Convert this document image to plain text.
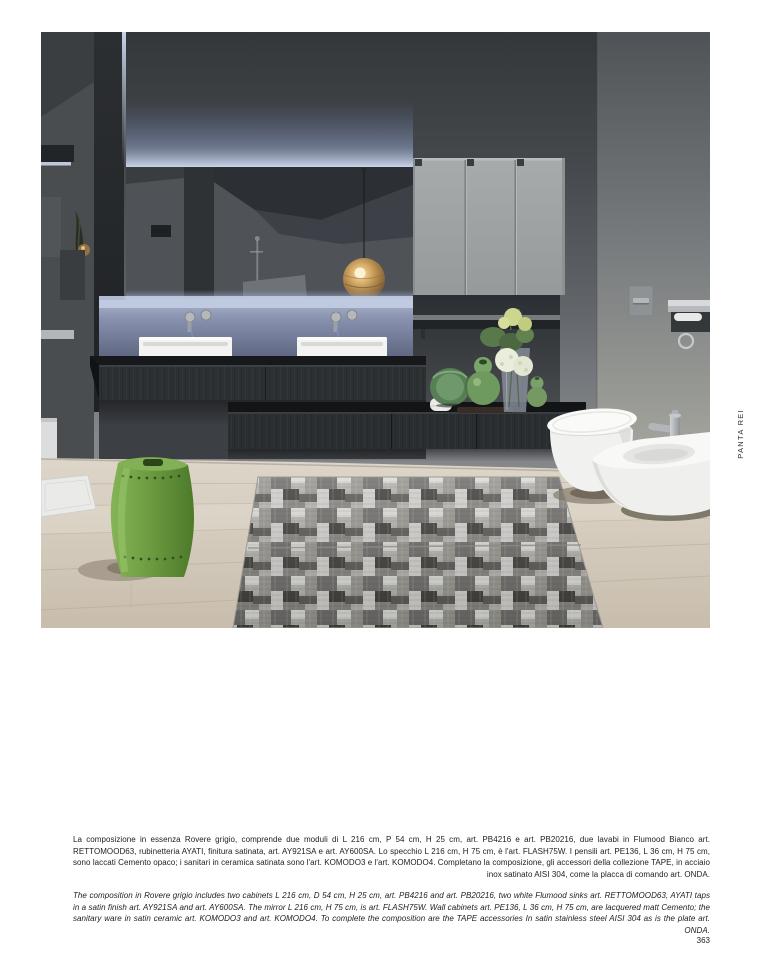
PANTA REI

La composizione in essenza Rovere grigio, comprende due moduli di L 216 cm, P 54 cm, H 25 cm, art. PB4216 e art. PB20216, due lavabi in Flumood Bianco art. RETTOMOOD63, rubinetteria AYATI, finitura satinata, art. AY921SA e art. AY600SA. Lo specchio L 216 cm, H 75 cm, è l'art. FLASH75W. I pensili art. PE136, L 36 cm, H 75 cm, sono laccati Cemento opaco; i sanitari in ceramica satinata sono l'art. KOMODO3 e l'art. KOMODO4. Completano la composizione, gli accessori della collezione TAPE, in acciaio inox satinato AISI 304, come la placca di comando art. ONDA.

The composition in Rovere grigio includes two cabinets L 216 cm, D 54 cm, H 25 cm, art. PB4216 and art. PB20216, two white Flumood sinks art. RETTOMOOD63, AYATI taps in a satin finish art. AY921SA and art. AY600SA. The mirror L 216 cm, H 75 cm, is art. FLASH75W. Wall cabinets art. PE136, L 36 cm, H 75 cm, are lacquered matt Cemento; the sanitary ware in satin ceramic art. KOMODO3 and art. KOMODO4. To complete the composition are the TAPE accessories In satin stainless steel AISI 304 as is the plate art. ONDA.

363
